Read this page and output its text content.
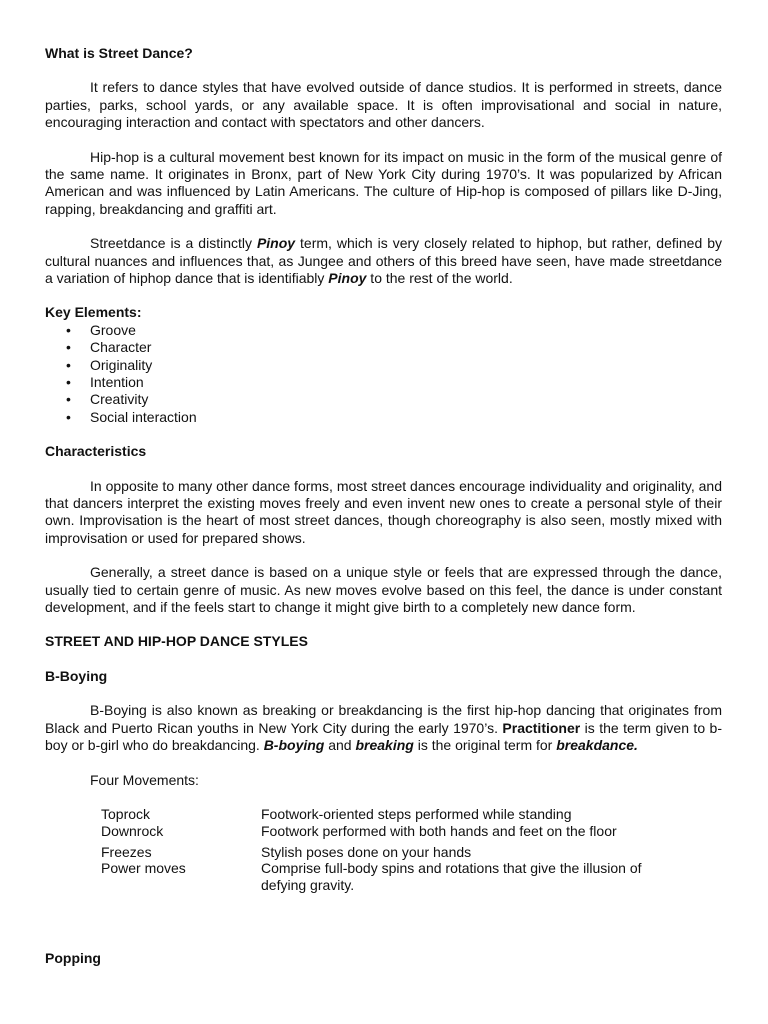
What is Street Dance?

It refers to dance styles that have evolved outside of dance studios. It is performed in streets, dance parties, parks, school yards, or any available space. It is often improvisational and social in nature, encouraging interaction and contact with spectators and other dancers.

Hip-hop is a cultural movement best known for its impact on music in the form of the musical genre of the same name. It originates in Bronx, part of New York City during 1970’s. It was popularized by African American and was influenced by Latin Americans. The culture of Hip-hop is composed of pillars like D-Jing, rapping, breakdancing and graffiti art.

Streetdance is a distinctly Pinoy term, which is very closely related to hiphop, but rather, defined by cultural nuances and influences that, as Jungee and others of this breed have seen, have made streetdance a variation of hiphop dance that is identifiably Pinoy to the rest of the world.

Key Elements:

• Groove
• Character
• Originality
• Intention
• Creativity
• Social interaction

Characteristics

In opposite to many other dance forms, most street dances encourage individuality and originality, and that dancers interpret the existing moves freely and even invent new ones to create a personal style of their own. Improvisation is the heart of most street dances, though choreography is also seen, mostly mixed with improvisation or used for prepared shows.

Generally, a street dance is based on a unique style or feels that are expressed through the dance, usually tied to certain genre of music. As new moves evolve based on this feel, the dance is under constant development, and if the feels start to change it might give birth to a completely new dance form.

STREET AND HIP-HOP DANCE STYLES

B-Boying

B-Boying is also known as breaking or breakdancing is the first hip-hop dancing that originates from Black and Puerto Rican youths in New York City during the early 1970’s. Practitioner is the term given to b-boy or b-girl who do breakdancing. B-boying and breaking is the original term for breakdance.

Four Movements:

Toprock	Footwork-oriented steps performed while standing
Downrock	Footwork performed with both hands and feet on the floor

Freezes	Stylish poses done on your hands
Power moves	Comprise full-body spins and rotations that give the illusion of defying gravity.

Popping
